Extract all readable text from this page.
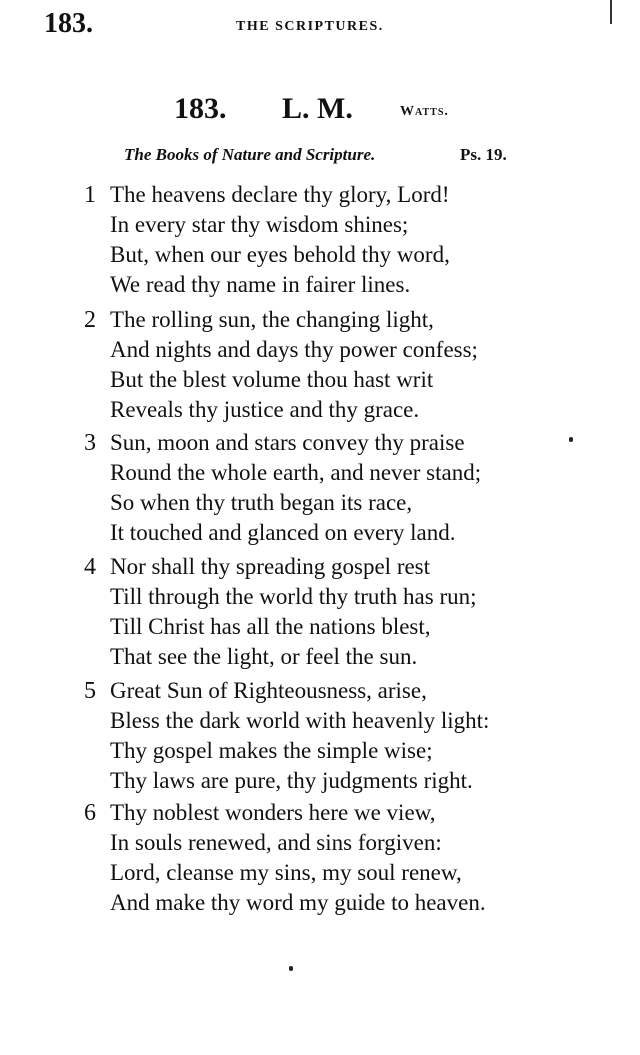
183.	THE SCRIPTURES.
183. L. M.	Watts.
The Books of Nature and Scripture.	Ps. 19.
1 The heavens declare thy glory, Lord!
In every star thy wisdom shines;
But, when our eyes behold thy word,
We read thy name in fairer lines.
2 The rolling sun, the changing light,
And nights and days thy power confess;
But the blest volume thou hast writ
Reveals thy justice and thy grace.
3 Sun, moon and stars convey thy praise
Round the whole earth, and never stand;
So when thy truth began its race,
It touched and glanced on every land.
4 Nor shall thy spreading gospel rest
Till through the world thy truth has run;
Till Christ has all the nations blest,
That see the light, or feel the sun.
5 Great Sun of Righteousness, arise,
Bless the dark world with heavenly light:
Thy gospel makes the simple wise;
Thy laws are pure, thy judgments right.
6 Thy noblest wonders here we view,
In souls renewed, and sins forgiven:
Lord, cleanse my sins, my soul renew,
And make thy word my guide to heaven.
